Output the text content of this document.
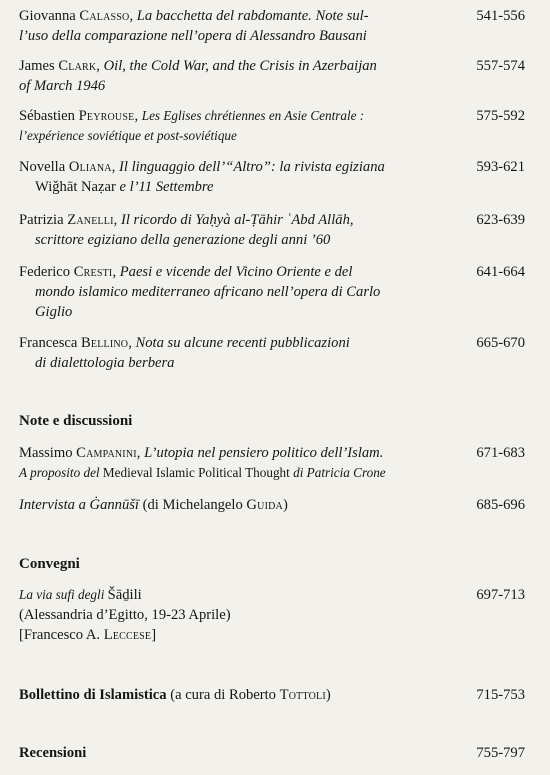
Giovanna Calasso, La bacchetta del rabdomante. Note sul-
l’uso della comparazione nell’opera di Alessandro Bausani
541-556
James Clark, Oil, the Cold War, and the Crisis in Azerbaijan
of March 1946
557-574
Sébastien Peyrouse, Les Eglises chrétiennes en Asie Centrale :
l’expérience soviétique et post-soviétique
575-592
Novella Oliana, Il linguaggio dell’“Altro”: la rivista egiziana
Wiǧhāt Naẓar e l’11 Settembre
593-621
Patrizia Zanelli, Il ricordo di Yaḥyà al-Ṭāhir ʿAbd Allāh,
scrittore egiziano della generazione degli anni ’60
623-639
Federico Cresti, Paesi e vicende del Vicino Oriente e del
mondo islamico mediterraneo africano nell’opera di Carlo
Giglio
641-664
Francesca Bellino, Nota su alcune recenti pubblicazioni
di dialettologia berbera
665-670
Note e discussioni
Massimo Campanini, L’utopia nel pensiero politico dell’Islam.
A proposito del Medieval Islamic Political Thought di Patricia Crone
671-683
Intervista a Ġannūšī (di Michelangelo Guida)	685-696
Convegni
La via sufi degli Šāḏili
(Alessandria d’Egitto, 19-23 Aprile)
[Francesco A. Leccese]
697-713
Bollettino di Islamistica (a cura di Roberto Tottoli)	715-753
Recensioni	755-797
